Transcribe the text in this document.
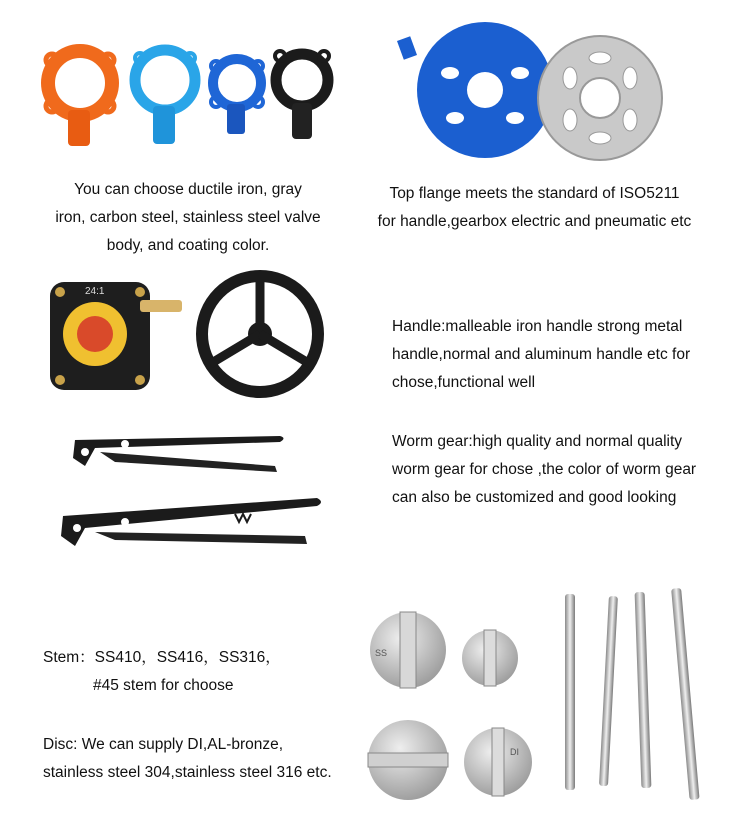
You can choose ductile iron, gray
iron, carbon steel, stainless steel valve
body, and coating color.
Top flange meets the standard of ISO5211
for handle,gearbox electric and pneumatic etc
24:1
Handle:malleable iron handle strong metal
handle,normal and aluminum handle etc for
chose,functional well
Worm gear:high quality and normal quality
worm gear for chose ,the color of worm gear
can also be customized and good looking
Stem：SS410，SS416，SS316，
#45 stem for choose
Disc: We can supply DI,AL-bronze,
stainless steel 304,stainless steel 316 etc.
SS
DI
